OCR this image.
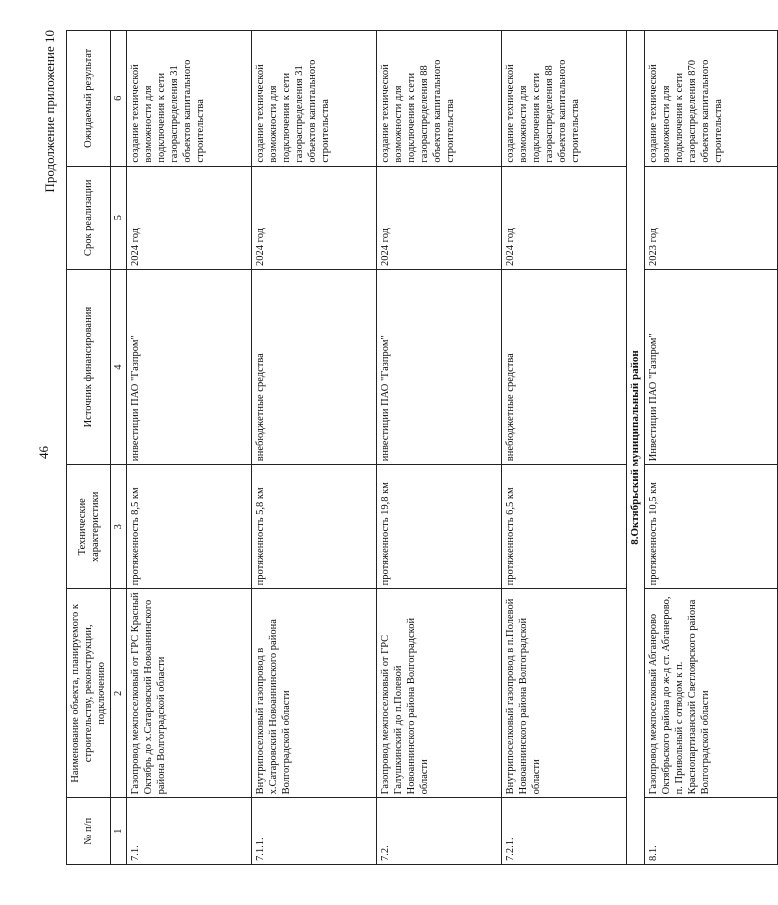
46
Продолжение приложение 10
№ п/п	Наименование объекта, планируемого к строительству, реконструкции, подключению	Технические характеристики	Источник финансирования	Срок реализации	Ожидаемый результат
1	2	3	4	5	6
7.1.	Газопровод межпоселковый от ГРС Красный Октябрь до х.Сатаровский Новоаннинского района Волгоградской области	протяженность 8,5 км	инвестиции ПАО "Газпром"	2024 год	создание технической возможности для подключения к сети газораспределения 31 объектов капитального строительства
7.1.1.	Внутрипоселковый газопровод в х.Сатаровский Новоаннинского района Волгоградской области	протяженность 5,8 км	внебюджетные средства	2024 год	создание технической возможности для подключения к сети газораспределения 31 объектов капитального строительства
7.2.	Газопровод межпоселковый от ГРС Галушкинский до п.Полевой Новоаннинского района Волгоградской области	протяженность 19,8 км	инвестиции ПАО "Газпром"	2024 год	создание технической возможности для подключения к сети газораспределения 88 объектов капитального строительства
7.2.1.	Внутрипоселковый газопровод в п.Полевой Новоаннинского района Волгоградской области	протяженность 6,5 км	внебюджетные средства	2024 год	создание технической возможности для подключения к сети газораспределения 88 объектов капитального строительства
8.Октябрьский муниципальный район					
8.1.	Газопровод межпоселковый Абганерово Октябрьского района до ж-д ст. Абганерово, п. Привольный с отводом к п. Краснопартизанский Светлоярского района Волгоградской области	протяженность 10,5 км	Инвестиции ПАО "Газпром"	2023 год	создание технической возможности для подключения к сети газораспределения 870 объектов капитального строительства
